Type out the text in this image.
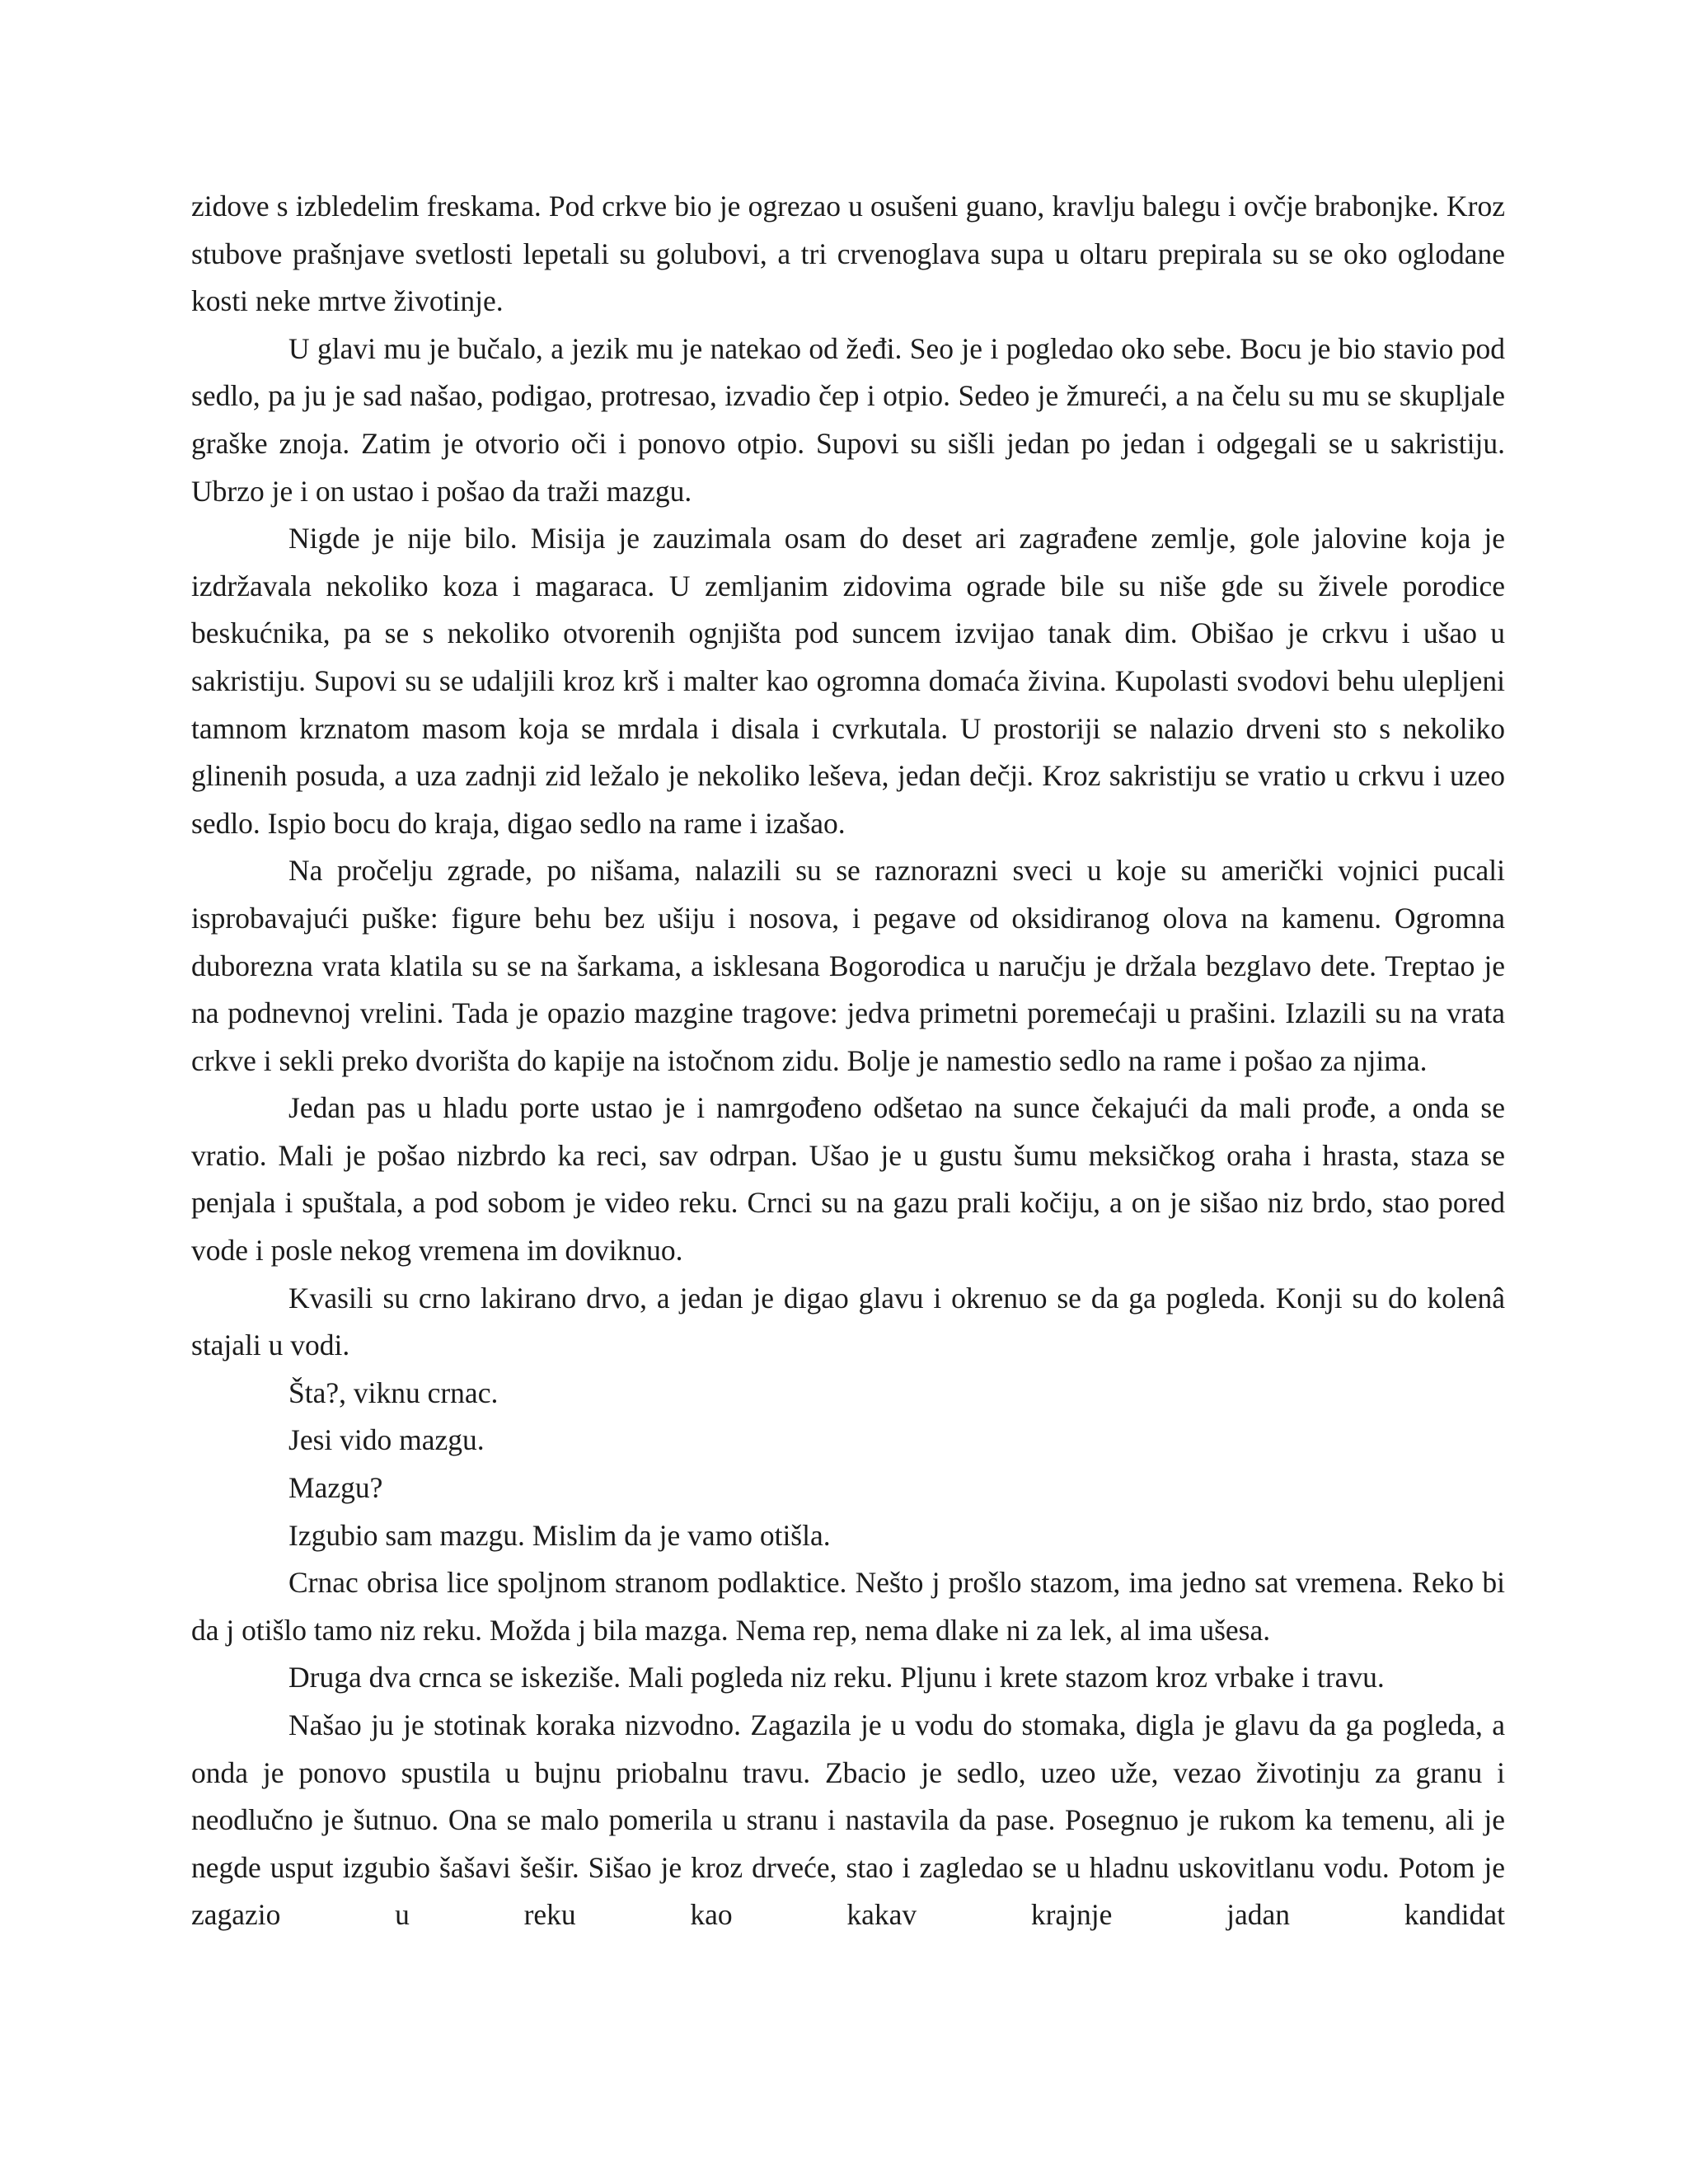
zidove s izbledelim freskama. Pod crkve bio je ogrezao u osušeni guano, kravlju balegu i ovčje brabonjke. Kroz stubove prašnjave svetlosti lepetali su golubovi, a tri crvenoglava supa u oltaru prepirala su se oko oglodane kosti neke mrtve životinje.

U glavi mu je bučalo, a jezik mu je natekao od žeđi. Seo je i pogledao oko sebe. Bocu je bio stavio pod sedlo, pa ju je sad našao, podigao, protresao, izvadio čep i otpio. Sedeo je žmureći, a na čelu su mu se skupljale graške znoja. Zatim je otvorio oči i ponovo otpio. Supovi su sišli jedan po jedan i odgegali se u sakristiju. Ubrzo je i on ustao i pošao da traži mazgu.

Nigde je nije bilo. Misija je zauzimala osam do deset ari zagrađene zemlje, gole jalovine koja je izdržavala nekoliko koza i magaraca. U zemljanim zidovima ograde bile su niše gde su živele porodice beskućnika, pa se s nekoliko otvorenih ognjišta pod suncem izvijao tanak dim. Obišao je crkvu i ušao u sakristiju. Supovi su se udaljili kroz krš i malter kao ogromna domaća živina. Kupolasti svodovi behu ulepljeni tamnom krznatom masom koja se mrdala i disala i cvrkutala. U prostoriji se nalazio drveni sto s nekoliko glinenih posuda, a uza zadnji zid ležalo je nekoliko leševa, jedan dečji. Kroz sakristiju se vratio u crkvu i uzeo sedlo. Ispio bocu do kraja, digao sedlo na rame i izašao.

Na pročelju zgrade, po nišama, nalazili su se raznorazni sveci u koje su američki vojnici pucali isprobavajući puške: figure behu bez ušiju i nosova, i pegave od oksidiranog olova na kamenu. Ogromna duborezna vrata klatila su se na šarkama, a isklesana Bogorodica u naručju je držala bezglavo dete. Treptao je na podnevnoj vrelini. Tada je opazio mazgine tragove: jedva primetni poremećaji u prašini. Izlazili su na vrata crkve i sekli preko dvorišta do kapije na istočnom zidu. Bolje je namestio sedlo na rame i pošao za njima.

Jedan pas u hladu porte ustao je i namrgođeno odšetao na sunce čekajući da mali prođe, a onda se vratio. Mali je pošao nizbrdo ka reci, sav odrpan. Ušao je u gustu šumu meksičkog oraha i hrasta, staza se penjala i spuštala, a pod sobom je video reku. Crnci su na gazu prali kočiju, a on je sišao niz brdo, stao pored vode i posle nekog vremena im doviknuo.

Kvasili su crno lakirano drvo, a jedan je digao glavu i okrenuo se da ga pogleda. Konji su do kolenâ stajali u vodi.

Šta?, viknu crnac.

Jesi vido mazgu.

Mazgu?

Izgubio sam mazgu. Mislim da je vamo otišla.

Crnac obrisa lice spoljnom stranom podlaktice. Nešto j prošlo stazom, ima jedno sat vremena. Reko bi da j otišlo tamo niz reku. Možda j bila mazga. Nema rep, nema dlake ni za lek, al ima ušesa.

Druga dva crnca se iskeziše. Mali pogleda niz reku. Pljunu i krete stazom kroz vrbake i travu.

Našao ju je stotinak koraka nizvodno. Zagazila je u vodu do stomaka, digla je glavu da ga pogleda, a onda je ponovo spustila u bujnu priobalnu travu. Zbacio je sedlo, uzeo uže, vezao životinju za granu i neodlučno je šutnuo. Ona se malo pomerila u stranu i nastavila da pase. Posegnuo je rukom ka temenu, ali je negde usput izgubio šašavi šešir. Sišao je kroz drveće, stao i zagledao se u hladnu uskovitlanu vodu. Potom je zagazio u reku kao kakav krajnje jadan kandidat
